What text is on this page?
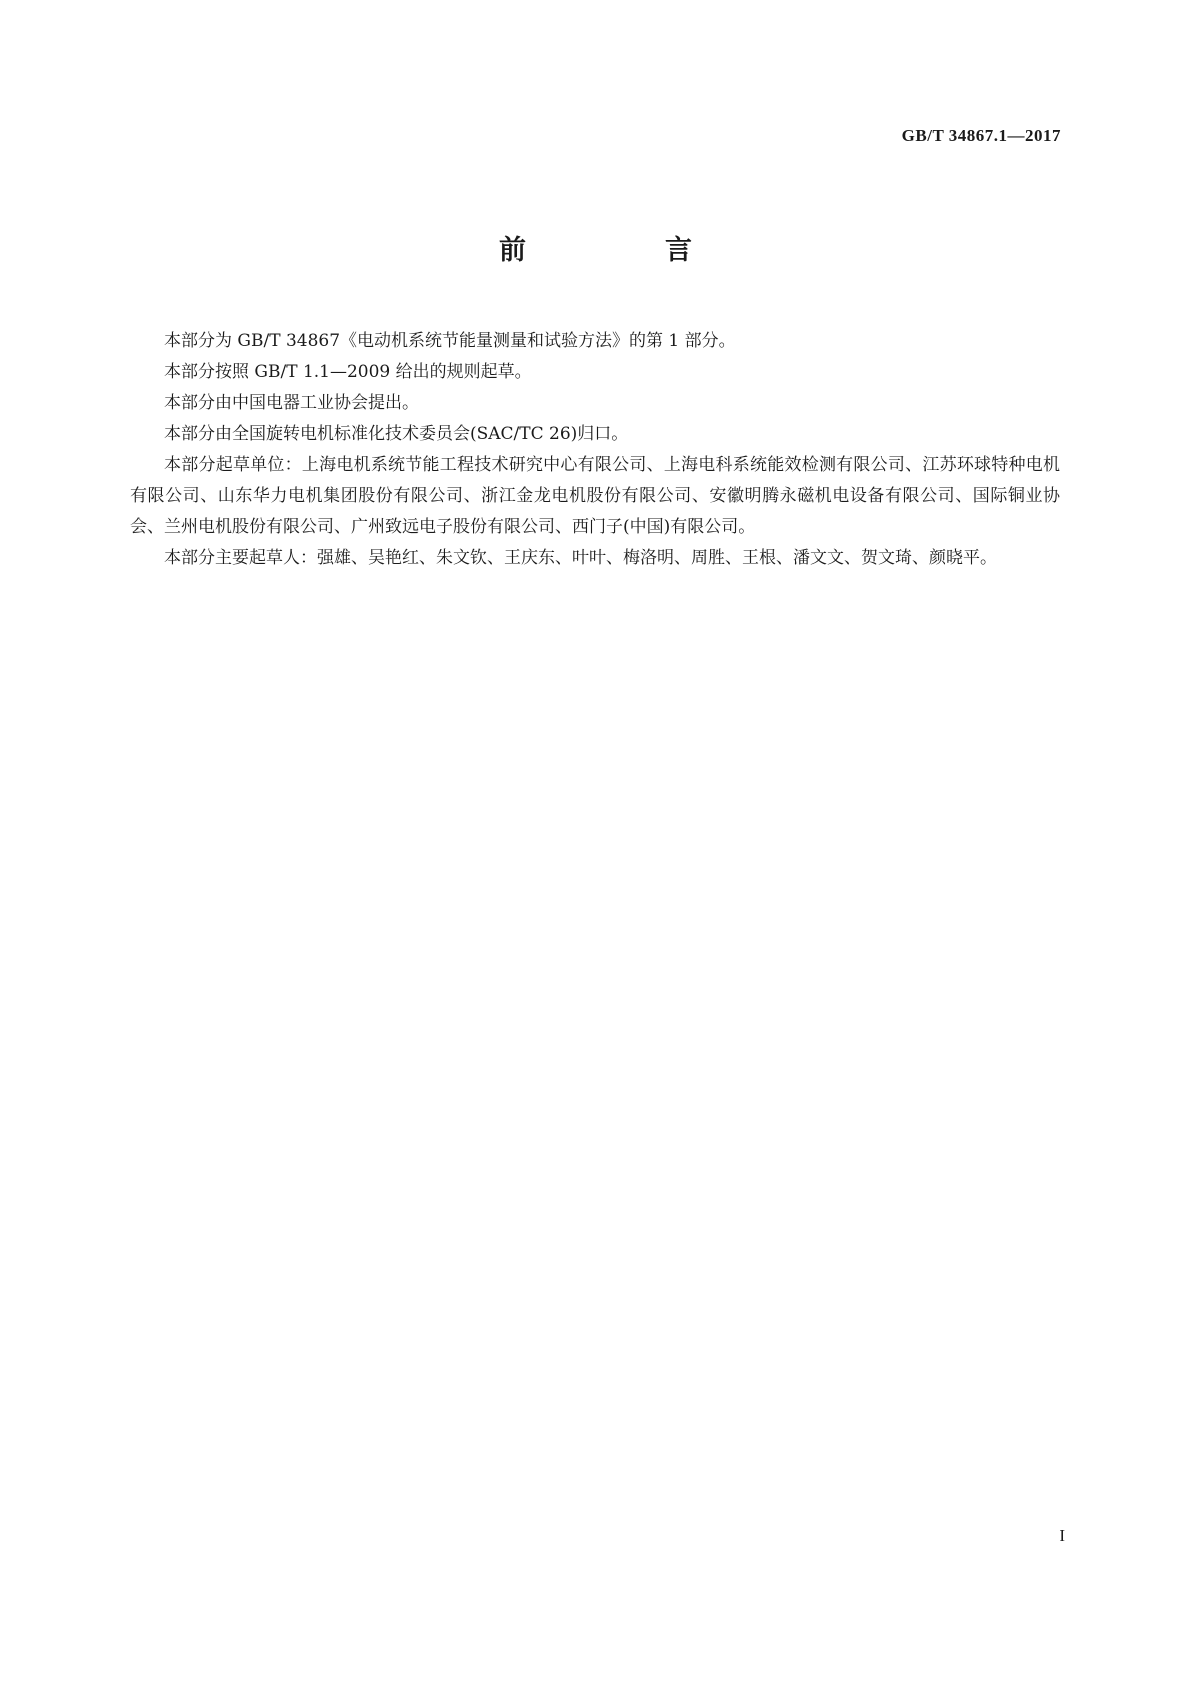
GB/T 34867.1—2017
前　言

本部分为 GB/T 34867《电动机系统节能量测量和试验方法》的第 1 部分。

本部分按照 GB/T 1.1—2009 给出的规则起草。

本部分由中国电器工业协会提出。

本部分由全国旋转电机标准化技术委员会(SAC/TC 26)归口。

本部分起草单位：上海电机系统节能工程技术研究中心有限公司、上海电科系统能效检测有限公司、江苏环球特种电机有限公司、山东华力电机集团股份有限公司、浙江金龙电机股份有限公司、安徽明腾永磁机电设备有限公司、国际铜业协会、兰州电机股份有限公司、广州致远电子股份有限公司、西门子(中国)有限公司。

本部分主要起草人：强雄、吴艳红、朱文钦、王庆东、叶叶、梅洛明、周胜、王根、潘文文、贺文琦、颜晓平。

I
